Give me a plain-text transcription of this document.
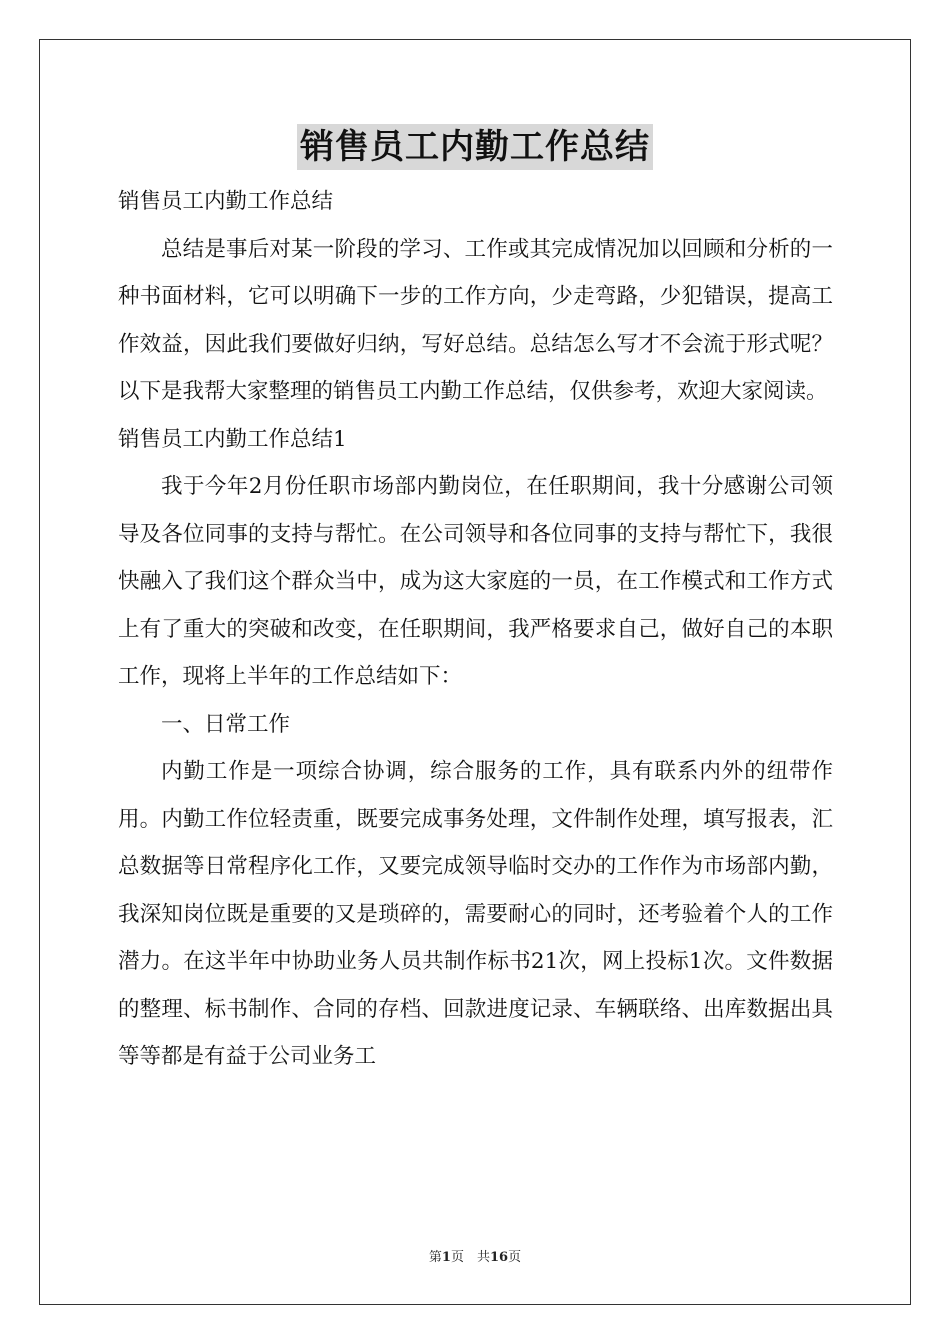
销售员工内勤工作总结

销售员工内勤工作总结

总结是事后对某一阶段的学习、工作或其完成情况加以回顾和分析的一种书面材料，它可以明确下一步的工作方向，少走弯路，少犯错误，提高工作效益，因此我们要做好归纳，写好总结。总结怎么写才不会流于形式呢？以下是我帮大家整理的销售员工内勤工作总结，仅供参考，欢迎大家阅读。

销售员工内勤工作总结1

我于今年2月份任职市场部内勤岗位，在任职期间，我十分感谢公司领导及各位同事的支持与帮忙。在公司领导和各位同事的支持与帮忙下，我很快融入了我们这个群众当中，成为这大家庭的一员，在工作模式和工作方式上有了重大的突破和改变，在任职期间，我严格要求自己，做好自己的本职工作，现将上半年的工作总结如下：

一、日常工作

内勤工作是一项综合协调，综合服务的工作，具有联系内外的纽带作用。内勤工作位轻责重，既要完成事务处理，文件制作处理，填写报表，汇总数据等日常程序化工作，又要完成领导临时交办的工作作为市场部内勤，我深知岗位既是重要的又是琐碎的，需要耐心的同时，还考验着个人的工作潜力。在这半年中协助业务人员共制作标书21次，网上投标1次。文件数据的整理、标书制作、合同的存档、回款进度记录、车辆联络、出库数据出具等等都是有益于公司业务工

第1页　共16页
